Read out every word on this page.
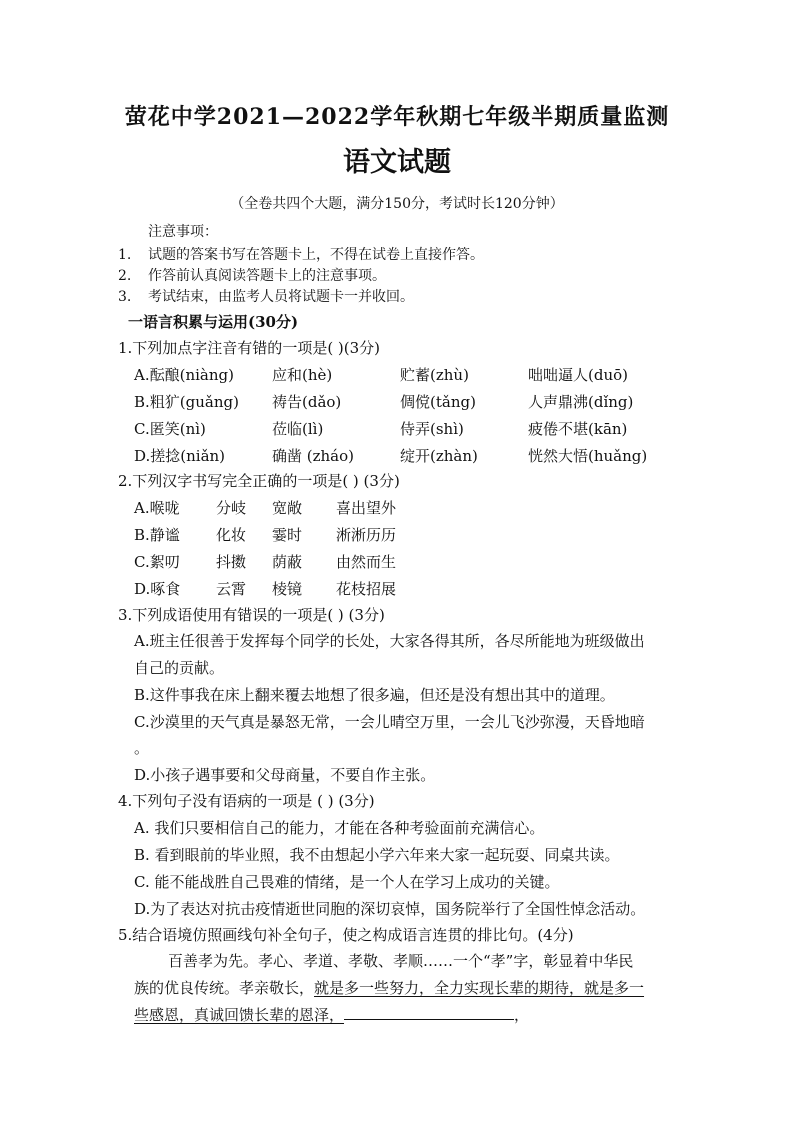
萤花中学2021—2022学年秋期七年级半期质量监测
语文试题
（全卷共四个大题，满分150分，考试时长120分钟）
注意事项：
1. 试题的答案书写在答题卡上，不得在试卷上直接作答。
2. 作答前认真阅读答题卡上的注意事项。
3. 考试结束，由监考人员将试题卡一并收回。
一语言积累与运用(30分)
1.下列加点字注音有错的一项是( )(3分)
A.酝酿(niàng)	应和(hè)	贮蓄(zhù)	咄咄逼人(duō)
B.粗犷(guǎng) 祷告(dǎo)	倜傥(tǎng)	人声鼎沸(dǐng)
C.匿笑(nì)	莅临(lì)	侍弄(shì)	疲倦不堪(kān)
D.搓捻(niǎn)	确凿 (zháo)	绽开(zhàn)	恍然大悟(huǎng)
2.下列汉字书写完全正确的一项是( ) (3分)
A.喉咙 分岐 宽敞 喜出望外
B.静谧 化妆 霎时 淅淅历历
C.絮叨 抖擞 荫蔽 由然而生
D.啄食 云霄 棱镜 花枝招展
3.下列成语使用有错误的一项是( ) (3分)
A.班主任很善于发挥每个同学的长处，大家各得其所，各尽所能地为班级做出
自己的贡献。
B.这件事我在床上翻来覆去地想了很多遍，但还是没有想出其中的道理。
C.沙漠里的天气真是暴怒无常，一会儿晴空万里，一会儿飞沙弥漫，天昏地暗
。
D.小孩子遇事要和父母商量，不要自作主张。
4.下列句子没有语病的一项是 ( ) (3分)
A. 我们只要相信自己的能力，才能在各种考验面前充满信心。
B. 看到眼前的毕业照，我不由想起小学六年来大家一起玩耍、同桌共读。
C. 能不能战胜自己畏难的情绪，是一个人在学习上成功的关键。
D.为了表达对抗击疫情逝世同胞的深切哀悼，国务院举行了全国性悼念活动。
5.结合语境仿照画线句补全句子，使之构成语言连贯的排比句。(4分)
百善孝为先。孝心、孝道、孝敬、孝顺……一个“孝”字，彰显着中华民
族的优良传统。孝亲敬长，就是多一些努力，全力实现长辈的期待，就是多一
些感恩，真诚回馈长辈的恩泽，	，
